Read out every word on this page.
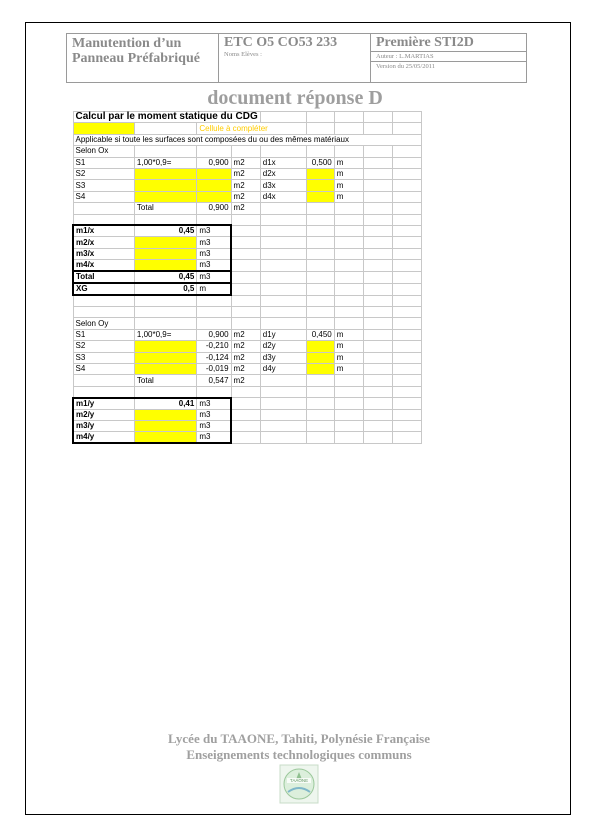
Manutention d’un Panneau Préfabriqué
ETC O5 CO53 233
Noms Elèves :
Première STI2D
Auteur : L.MARTIAS
Version du 25/05/2011
document réponse D
Calcul par le moment statique du CDG								
		Cellule à compléter						
Applicable si toute les surfaces sont composées du ou des mêmes matériaux								
Selon Ox								
S1	1,00*0,9=	0,900	m2	d1x	0,500	m		
S2			m2	d2x		m		
S3			m2	d3x		m		
S4			m2	d4x		m		
	Total	0,900	m2					

m1/x	0,45	m3						
m2/x		m3						
m3/x		m3						
m4/x		m3						
Total	0,45	m3						
XG	0,5	m						

Selon Oy								
S1	1,00*0,9=	0,900	m2	d1y	0,450	m		
S2		-0,210	m2	d2y		m		
S3		-0,124	m2	d3y		m		
S4		-0,019	m2	d4y		m		
	Total	0,547	m2					

m1/y	0,41	m3						
m2/y		m3						
m3/y		m3						
m4/y		m3						
Lycée du TAAONE, Tahiti, Polynésie Française
Enseignements technologiques communs
TAAONE
